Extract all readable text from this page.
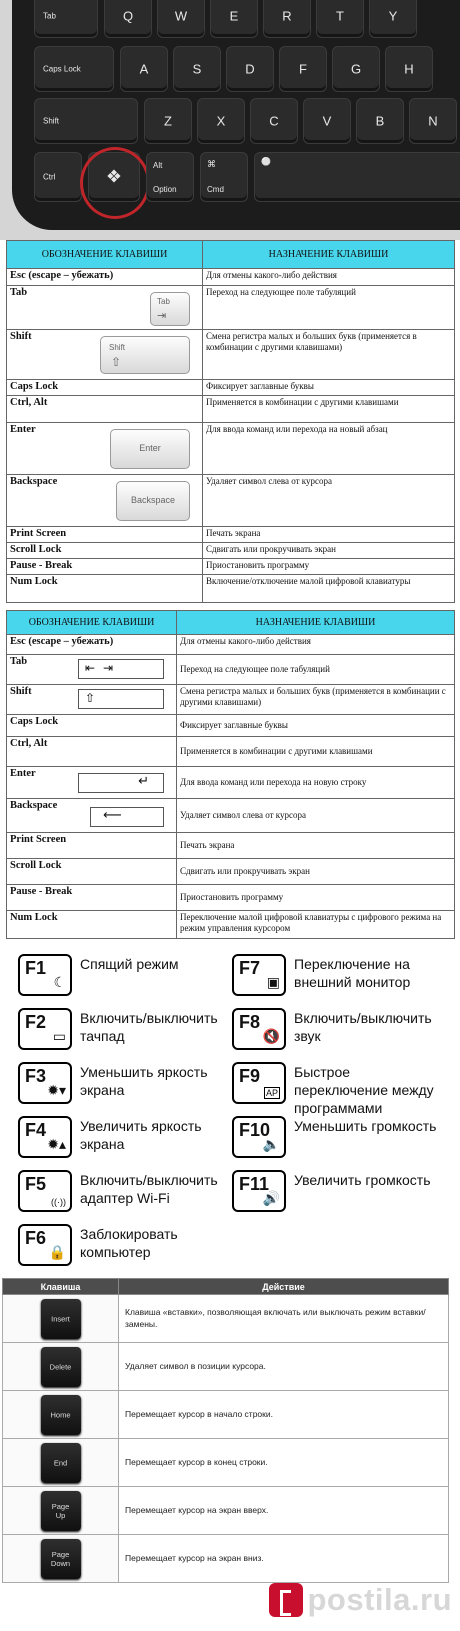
Tab	Q	W	E	R	T	Y
Caps Lock	A	S	D	F	G	H
Shift	Z	X	C	V	B	N
Ctrl	❖
Alt
Option
⌘
Cmd
⚪
ОБОЗНАЧЕНИЕ КЛАВИШИ	НАЗНАЧЕНИЕ КЛАВИШИ
Esc (escape – убежать)	Для отмены какого-либо действия
Tab
Tab
⇥	Переход на следующее поле табуляций
Shift
Shift
⇧	Смена регистра малых и больших букв (применяется в комбинации с другими клавишами)
Caps Lock	Фиксирует заглавные буквы
Ctrl, Alt	Применяется в комбинации с другими клавишами
Enter
Enter	Для ввода команд или перехода на новый абзац
Backspace
Backspace	Удаляет символ слева от курсора
Print Screen	Печать экрана
Scroll Lock	Сдвигать или прокручивать экран
Pause - Break	Приостановить программу
Num Lock	Включение/отключение малой цифровой клавиатуры
ОБОЗНАЧЕНИЕ КЛАВИШИ	НАЗНАЧЕНИЕ КЛАВИШИ
Esc (escape – убежать)	Для отмены какого-либо действия
Tab ⇤⇥	Переход на следующее поле табуляций
Shift ⇧	Смена регистра малых и больших букв (применяется в комбинации с другими клавишами)
Caps Lock	Фиксирует заглавные буквы
Ctrl, Alt	Применяется в комбинации с другими клавишами
Enter
↵	Для ввода команд или перехода на новую строку
Backspace
⟵	Удаляет символ слева от курсора
Print Screen	Печать экрана
Scroll Lock	Сдвигать или прокручивать экран
Pause - Break	Приостановить программу
Num Lock	Переключение малой цифровой клавиатуры с цифрового режима на режим управления курсором
F1
☾
Спящий режим	F7
▣
Переключение на внешний монитор
F2
▭
Включить/выключить тачпад
F8
🔇
Включить/выключить звук
F3
✹▾
Уменьшить яркость экрана
F9
AP
Быстрое переключение между программами
F4
✹▴
Увеличить яркость экрана
F10
🔈
Уменьшить громкость
F5
((·))
Включить/выключить адаптер Wi-Fi
F11
🔊
Увеличить громкость
F6
🔒
Заблокировать компьютер
Клавиша	Действие

Insert	Клавиша «вставки», позволяющая включать или выключать режим вставки/замены.

Delete	Удаляет символ в позиции курсора.

Home	Перемещает курсор в начало строки.

End	Перемещает курсор в конец строки.

Page Up	Перемещает курсор на экран вверх.

Page Down	Перемещает курсор на экран вниз.
postila.ru
